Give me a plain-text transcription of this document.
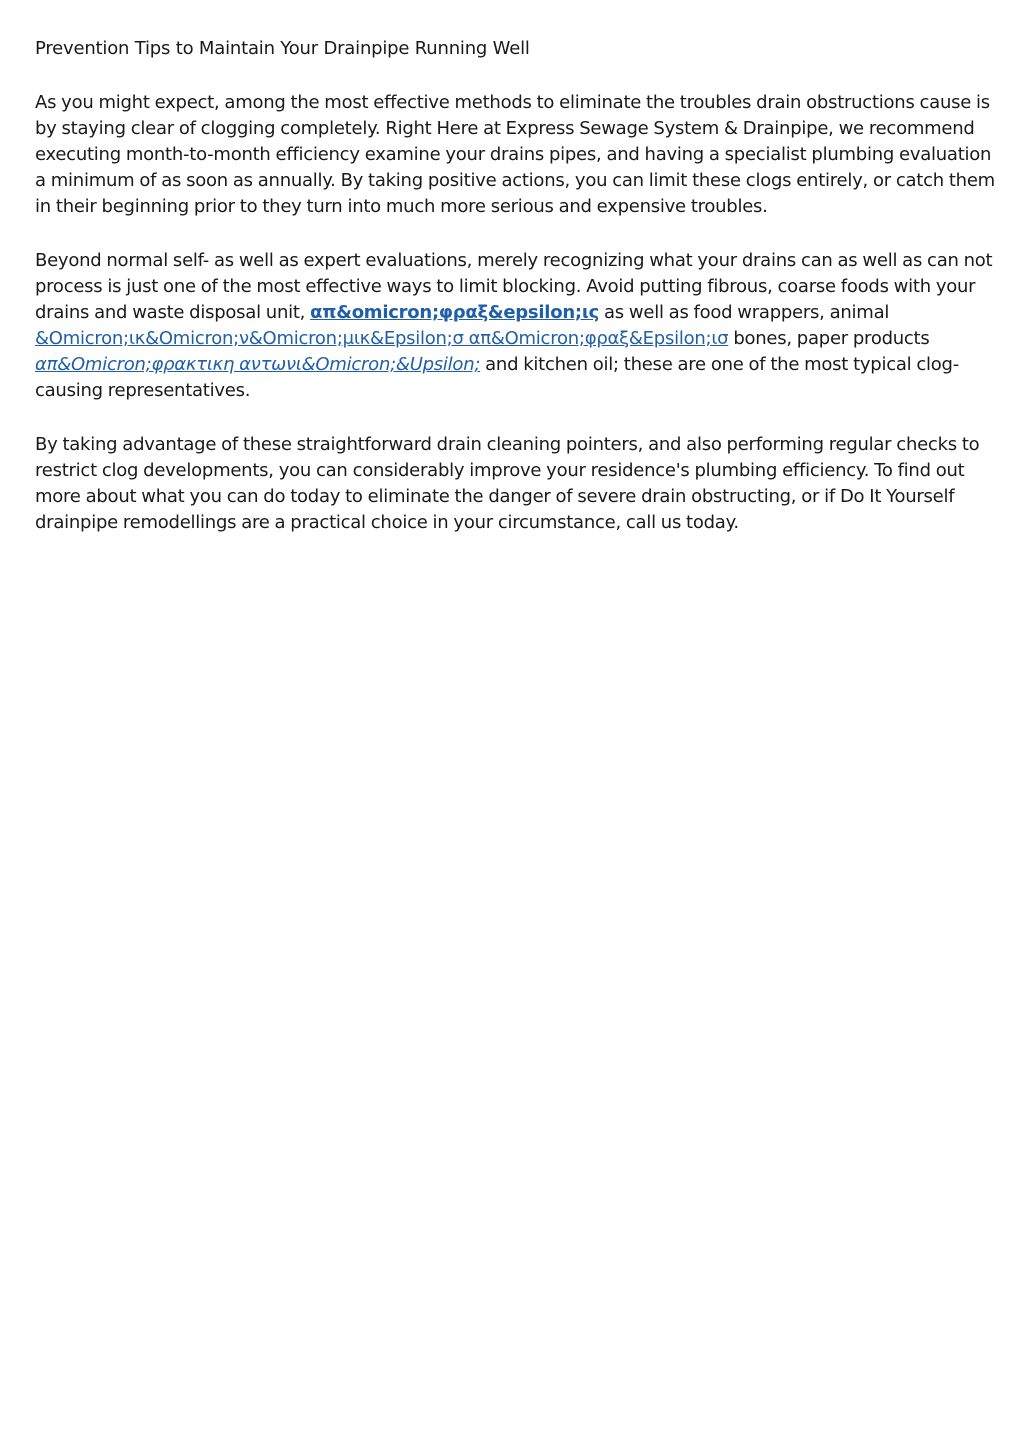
Prevention Tips to Maintain Your Drainpipe Running Well

As you might expect, among the most effective methods to eliminate the troubles drain obstructions cause is by staying clear of clogging completely. Right Here at Express Sewage System & Drainpipe, we recommend executing month-to-month efficiency examine your drains pipes, and having a specialist plumbing evaluation a minimum of as soon as annually. By taking positive actions, you can limit these clogs entirely, or catch them in their beginning prior to they turn into much more serious and expensive troubles.

Beyond normal self- as well as expert evaluations, merely recognizing what your drains can as well as can not process is just one of the most effective ways to limit blocking. Avoid putting fibrous, coarse foods with your drains and waste disposal unit, απ&omicron;φραξ&epsilon;ις as well as food wrappers, animal &Omicron;ικ&Omicron;ν&Omicron;μικ&Epsilon;σ απ&Omicron;φραξ&Epsilon;ισ bones, paper products απ&Omicron;φρακτικη αντωνι&Omicron;&Upsilon; and kitchen oil; these are one of the most typical clog-causing representatives.

By taking advantage of these straightforward drain cleaning pointers, and also performing regular checks to restrict clog developments, you can considerably improve your residence's plumbing efficiency. To find out more about what you can do today to eliminate the danger of severe drain obstructing, or if Do It Yourself drainpipe remodellings are a practical choice in your circumstance, call us today.
